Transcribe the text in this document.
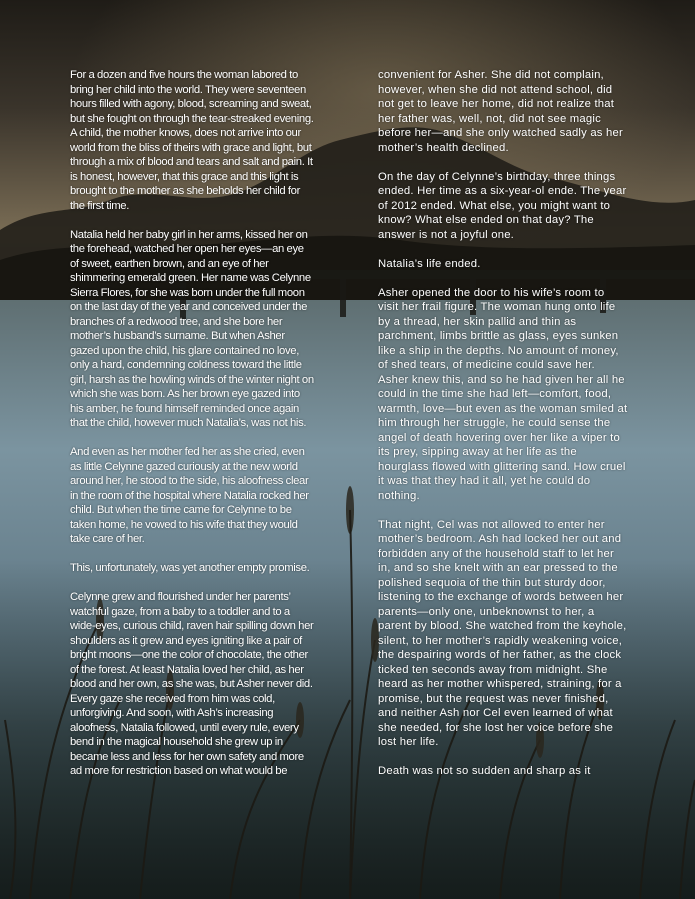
For a dozen and five hours the woman labored to bring her child into the world. They were seventeen hours filled with agony, blood, screaming and sweat, but she fought on through the tear-streaked evening. A child, the mother knows, does not arrive into our world from the bliss of theirs with grace and light, but through a mix of blood and tears and salt and pain. It is honest, however, that this grace and this light is brought to the mother as she beholds her child for the first time.

Natalia held her baby girl in her arms, kissed her on the forehead, watched her open her eyes—an eye of sweet, earthen brown, and an eye of her shimmering emerald green. Her name was Celynne Sierra Flores, for she was born under the full moon on the last day of the year and conceived under the branches of a redwood tree, and she bore her mother’s husband’s surname. But when Asher gazed upon the child, his glare contained no love, only a hard, condemning coldness toward the little girl, harsh as the howling winds of the winter night on which she was born. As her brown eye gazed into his amber, he found himself reminded once again that the child, however much Natalia’s, was not his.

And even as her mother fed her as she cried, even as little Celynne gazed curiously at the new world around her, he stood to the side, his aloofness clear in the room of the hospital where Natalia rocked her child. But when the time came for Celynne to be taken home, he vowed to his wife that they would take care of her.

This, unfortunately, was yet another empty promise.

Celynne grew and flourished under her parents’ watchful gaze, from a baby to a toddler and to a wide-eyes, curious child, raven hair spilling down her shoulders as it grew and eyes igniting like a pair of bright moons—one the color of chocolate, the other of the forest. At least Natalia loved her child, as her blood and her own, as she was, but Asher never did. Every gaze she received from him was cold, unforgiving. And soon, with Ash’s increasing aloofness, Natalia followed, until every rule, every bend in the magical household she grew up in became less and less for her own safety and more ad more for restriction based on what would be

convenient for Asher. She did not complain, however, when she did not attend school, did not get to leave her home, did not realize that her father was, well, not, did not see magic before her—and she only watched sadly as her mother’s health declined.

On the day of Celynne’s birthday, three things ended. Her time as a six-year-ol ende. The year of 2012 ended. What else, you might want to know? What else ended on that day? The answer is not a joyful one.

Natalia’s life ended.

Asher opened the door to his wife’s room to visit her frail figure. The woman hung onto life by a thread, her skin pallid and thin as parchment, limbs brittle as glass, eyes sunken like a ship in the depths. No amount of money, of shed tears, of medicine could save her. Asher knew this, and so he had given her all he could in the time she had left—comfort, food, warmth, love—but even as the woman smiled at him through her struggle, he could sense the angel of death hovering over her like a viper to its prey, sipping away at her life as the hourglass flowed with glittering sand. How cruel it was that they had it all, yet he could do nothing.

That night, Cel was not allowed to enter her mother’s bedroom. Ash had locked her out and forbidden any of the household staff to let her in, and so she knelt with an ear pressed to the polished sequoia of the thin but sturdy door, listening to the exchange of words between her parents—only one, unbeknownst to her, a parent by blood. She watched from the keyhole, silent, to her mother’s rapidly weakening voice, the despairing words of her father, as the clock ticked ten seconds away from midnight. She heard as her mother whispered, straining, for a promise, but the request was never finished, and neither Ash nor Cel even learned of what she needed, for she lost her voice before she lost her life.

Death was not so sudden and sharp as it
